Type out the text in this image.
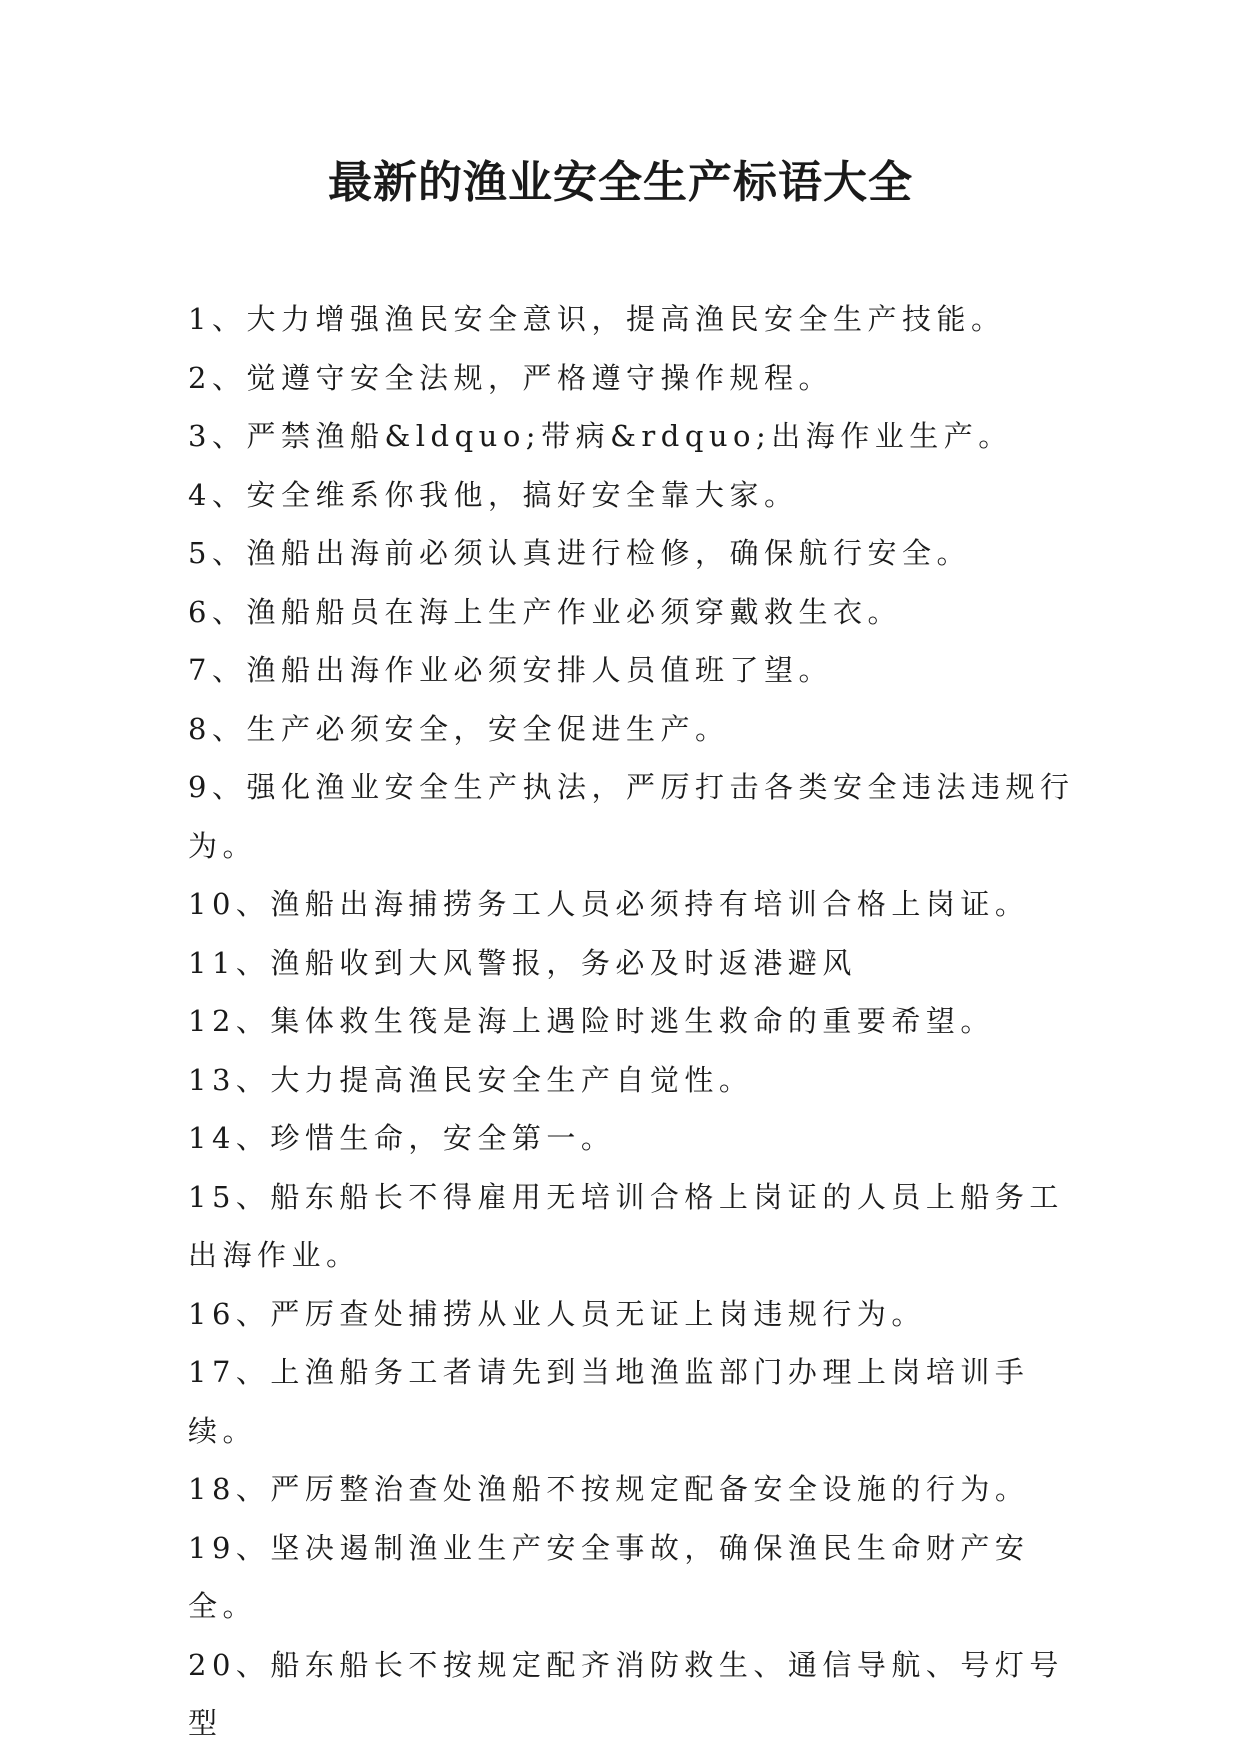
最新的渔业安全生产标语大全
1、大力增强渔民安全意识，提高渔民安全生产技能。
2、觉遵守安全法规，严格遵守操作规程。
3、严禁渔船&ldquo;带病&rdquo;出海作业生产。
4、安全维系你我他，搞好安全靠大家。
5、渔船出海前必须认真进行检修，确保航行安全。
6、渔船船员在海上生产作业必须穿戴救生衣。
7、渔船出海作业必须安排人员值班了望。
8、生产必须安全，安全促进生产。
9、强化渔业安全生产执法，严厉打击各类安全违法违规行为。
10、渔船出海捕捞务工人员必须持有培训合格上岗证。
11、渔船收到大风警报，务必及时返港避风
12、集体救生筏是海上遇险时逃生救命的重要希望。
13、大力提高渔民安全生产自觉性。
14、珍惜生命，安全第一。
15、船东船长不得雇用无培训合格上岗证的人员上船务工出海作业。
16、严厉查处捕捞从业人员无证上岗违规行为。
17、上渔船务工者请先到当地渔监部门办理上岗培训手续。
18、严厉整治查处渔船不按规定配备安全设施的行为。
19、坚决遏制渔业生产安全事故，确保渔民生命财产安全。
20、船东船长不按规定配齐消防救生、通信导航、号灯号型
